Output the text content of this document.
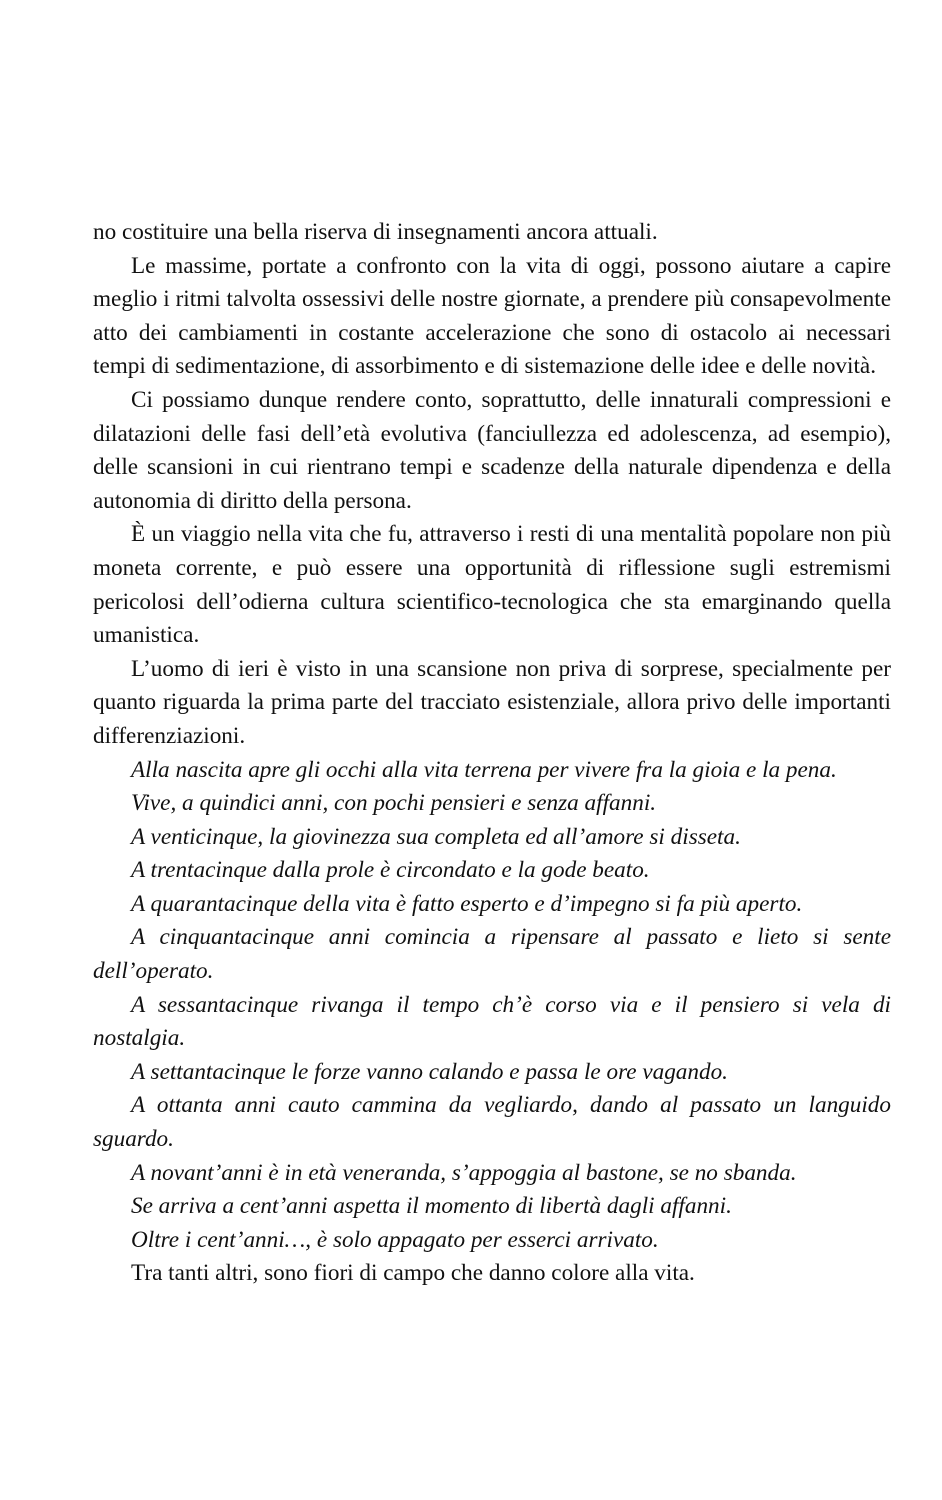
no costituire una bella riserva di insegnamenti ancora attuali.

Le massime, portate a confronto con la vita di oggi, possono aiutare a capire meglio i ritmi talvolta ossessivi delle nostre giornate, a prendere più consapevolmente atto dei cambiamenti in costante accelerazione che sono di ostacolo ai necessari tempi di sedimentazione, di assorbimento e di sistemazione delle idee e delle novità.

Ci possiamo dunque rendere conto, soprattutto, delle innaturali compressioni e dilatazioni delle fasi dell’età evolutiva (fanciullezza ed adolescenza, ad esempio), delle scansioni in cui rientrano tempi e scadenze della naturale dipendenza e della autonomia di diritto della persona.

È un viaggio nella vita che fu, attraverso i resti di una mentalità popolare non più moneta corrente, e può essere una opportunità di riflessione sugli estremismi pericolosi dell’odierna cultura scientifico-tecnologica che sta emarginando quella umanistica.

L’uomo di ieri è visto in una scansione non priva di sorprese, specialmente per quanto riguarda la prima parte del tracciato esistenziale, allora privo delle importanti differenziazioni.

Alla nascita apre gli occhi alla vita terrena per vivere fra la gioia e la pena.

Vive, a quindici anni, con pochi pensieri e senza affanni.

A venticinque, la giovinezza sua completa ed all’amore si disseta.

A trentacinque dalla prole è circondato e la gode beato.

A quarantacinque della vita è fatto esperto e d’impegno si fa più aperto.

A cinquantacinque anni comincia a ripensare al passato e lieto si sente dell’operato.

A sessantacinque rivanga il tempo ch’è corso via e il pensiero si vela di nostalgia.

A settantacinque le forze vanno calando e passa le ore vagando.

A ottanta anni cauto cammina da vegliardo, dando al passato un languido sguardo.

A novant’anni è in età veneranda, s’appoggia al bastone, se no sbanda.

Se arriva a cent’anni aspetta il momento di libertà dagli affanni.

Oltre i cent’anni…, è solo appagato per esserci arrivato.

Tra tanti altri, sono fiori di campo che danno colore alla vita.
